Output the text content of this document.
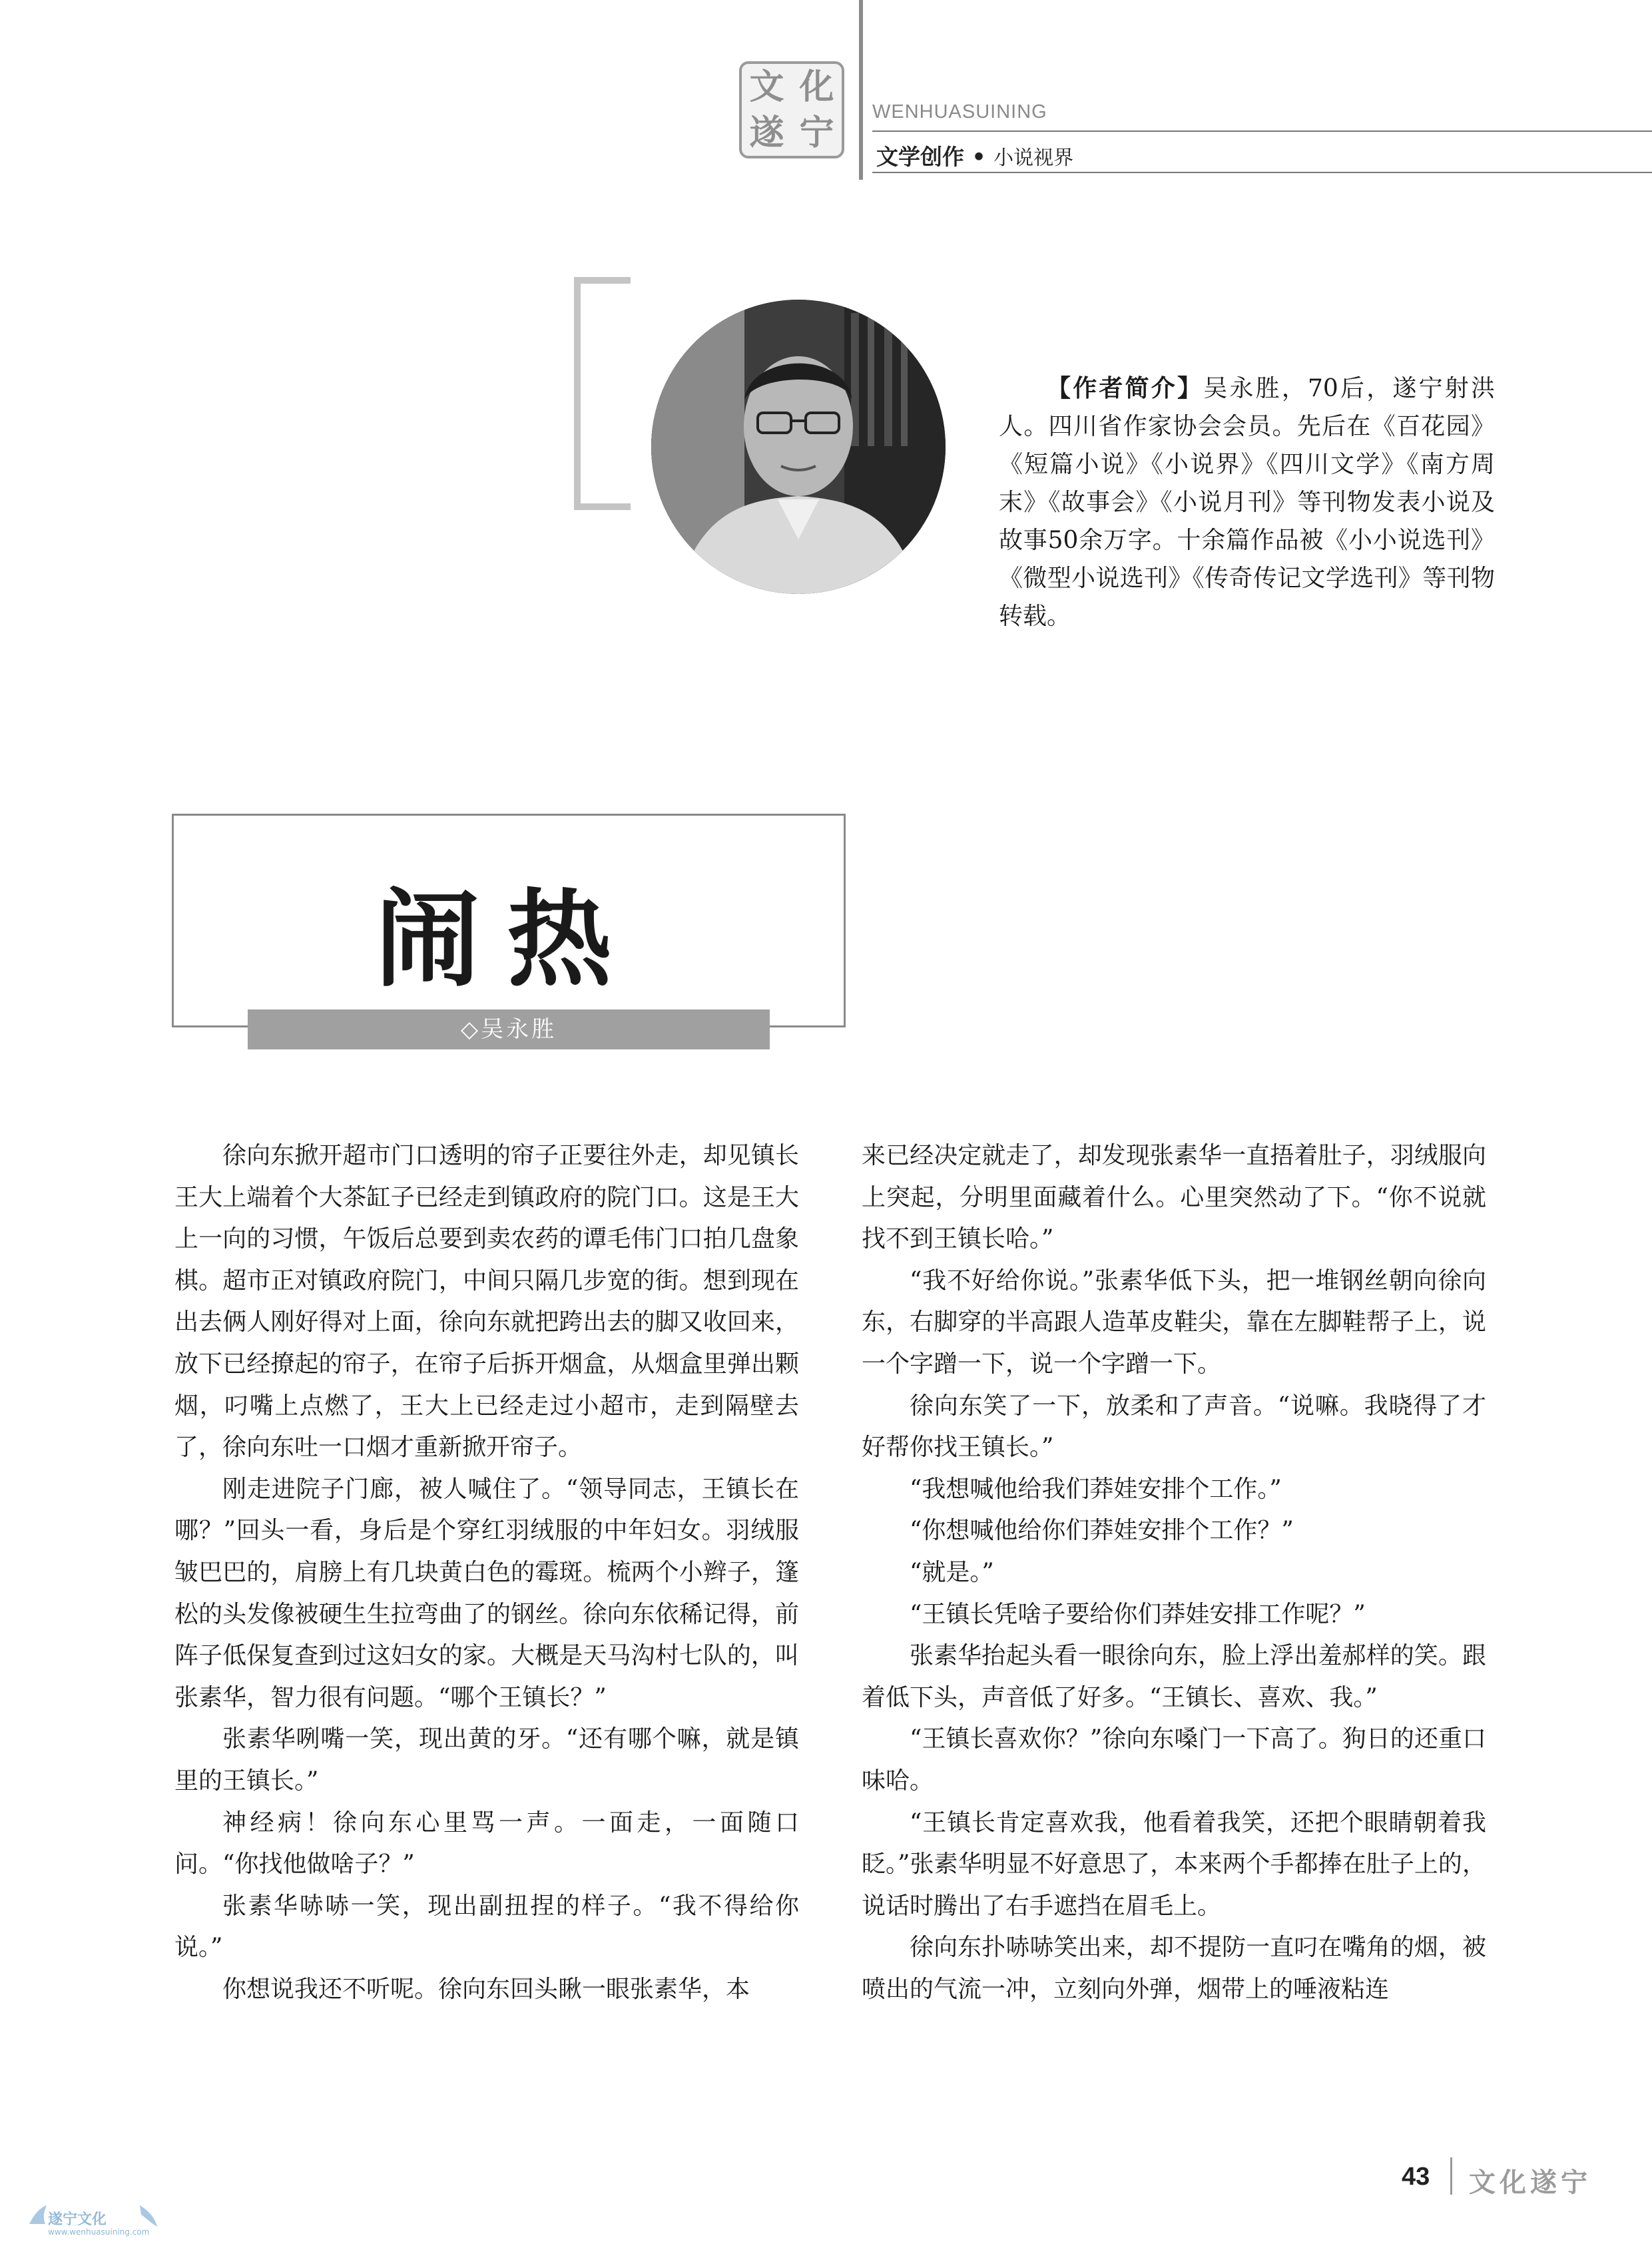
文 化
遂 宁
WENHUASUINING
文学创作 • 小说视界

【作者简介】吴永胜，70后，遂宁射洪人。四川省作家协会会员。先后在《百花园》《短篇小说》《小说界》《四川文学》《南方周末》《故事会》《小说月刊》等刊物发表小说及故事50余万字。十余篇作品被《小小说选刊》《微型小说选刊》《传奇传记文学选刊》等刊物转载。

闹热
◇吴永胜

徐向东掀开超市门口透明的帘子正要往外走，却见镇长王大上端着个大茶缸子已经走到镇政府的院门口。这是王大上一向的习惯，午饭后总要到卖农药的谭毛伟门口拍几盘象棋。超市正对镇政府院门，中间只隔几步宽的街。想到现在出去俩人刚好得对上面，徐向东就把跨出去的脚又收回来，放下已经撩起的帘子，在帘子后拆开烟盒，从烟盒里弹出颗烟，叼嘴上点燃了，王大上已经走过小超市，走到隔壁去了，徐向东吐一口烟才重新掀开帘子。

刚走进院子门廊，被人喊住了。“领导同志，王镇长在哪？”回头一看，身后是个穿红羽绒服的中年妇女。羽绒服皱巴巴的，肩膀上有几块黄白色的霉斑。梳两个小辫子，篷松的头发像被硬生生拉弯曲了的钢丝。徐向东依稀记得，前阵子低保复查到过这妇女的家。大概是天马沟村七队的，叫张素华，智力很有问题。“哪个王镇长？”

张素华咧嘴一笑，现出黄的牙。“还有哪个嘛，就是镇里的王镇长。”

神经病！徐向东心里骂一声。一面走，一面随口问。“你找他做啥子？”

张素华哧哧一笑，现出副扭捏的样子。“我不得给你说。”

你想说我还不听呢。徐向东回头瞅一眼张素华，本

来已经决定就走了，却发现张素华一直捂着肚子，羽绒服向上突起，分明里面藏着什么。心里突然动了下。“你不说就找不到王镇长哈。”

“我不好给你说。”张素华低下头，把一堆钢丝朝向徐向东，右脚穿的半高跟人造革皮鞋尖，靠在左脚鞋帮子上，说一个字蹭一下，说一个字蹭一下。

徐向东笑了一下，放柔和了声音。“说嘛。我晓得了才好帮你找王镇长。”

“我想喊他给我们莽娃安排个工作。”

“你想喊他给你们莽娃安排个工作？”

“就是。”

“王镇长凭啥子要给你们莽娃安排工作呢？”

张素华抬起头看一眼徐向东，脸上浮出羞郝样的笑。跟着低下头，声音低了好多。“王镇长、喜欢、我。”

“王镇长喜欢你？”徐向东嗓门一下高了。狗日的还重口味哈。

“王镇长肯定喜欢我，他看着我笑，还把个眼睛朝着我眨。”张素华明显不好意思了，本来两个手都捧在肚子上的，说话时腾出了右手遮挡在眉毛上。

徐向东扑哧哧笑出来，却不提防一直叼在嘴角的烟，被喷出的气流一冲，立刻向外弹，烟带上的唾液粘连

43 文化遂宁
遂宁文化
www.wenhuasuining.com
